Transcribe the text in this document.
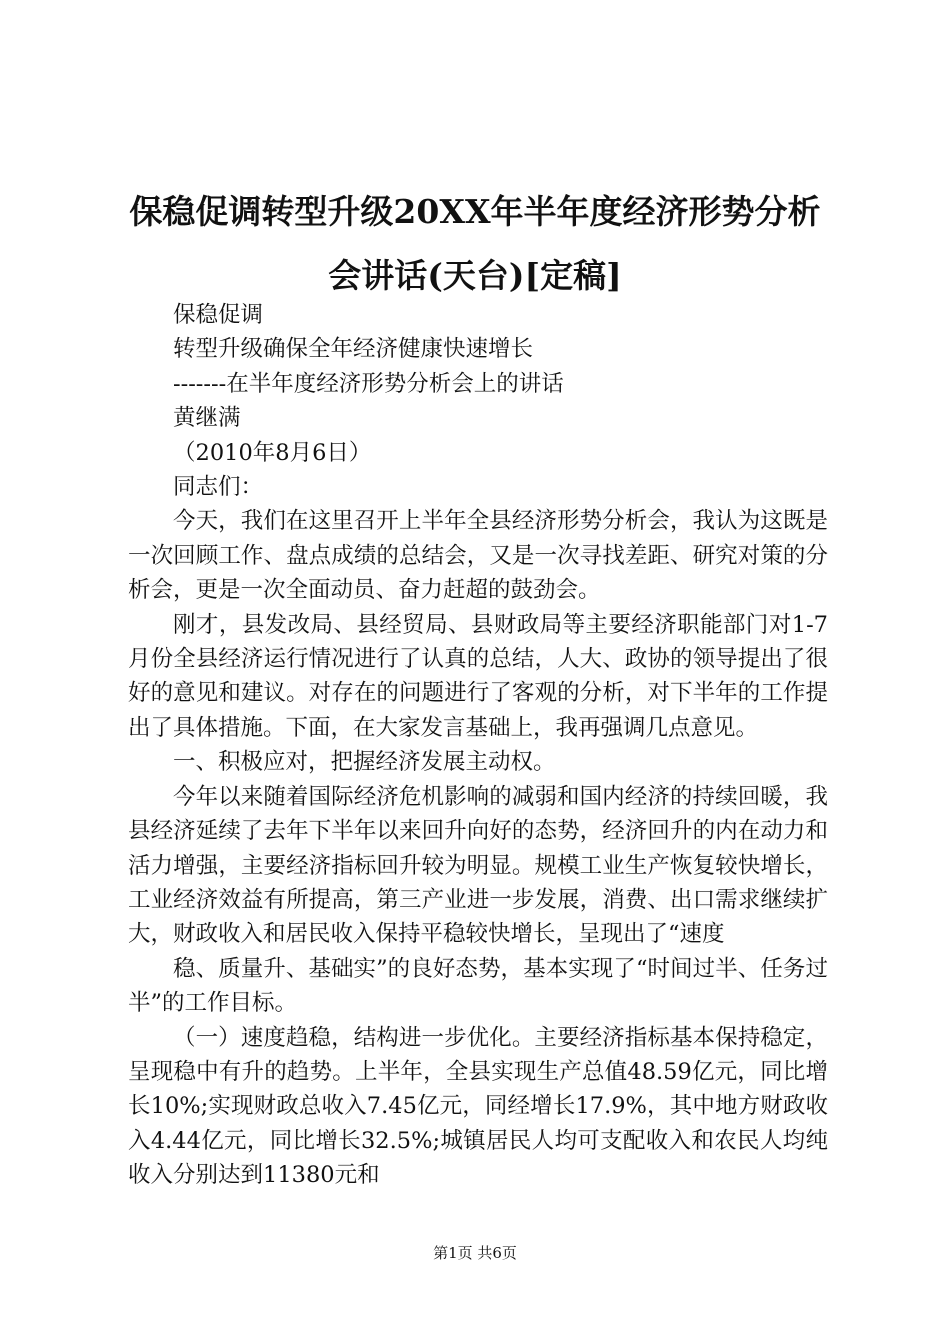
保稳促调转型升级20XX年半年度经济形势分析会讲话(天台)[定稿]

保稳促调

转型升级确保全年经济健康快速增长

-------在半年度经济形势分析会上的讲话

黄继满

（2010年8月6日）

同志们：

今天，我们在这里召开上半年全县经济形势分析会，我认为这既是一次回顾工作、盘点成绩的总结会，又是一次寻找差距、研究对策的分析会，更是一次全面动员、奋力赶超的鼓劲会。

刚才，县发改局、县经贸局、县财政局等主要经济职能部门对1-7月份全县经济运行情况进行了认真的总结，人大、政协的领导提出了很好的意见和建议。对存在的问题进行了客观的分析，对下半年的工作提出了具体措施。下面，在大家发言基础上，我再强调几点意见。

一、积极应对，把握经济发展主动权。

今年以来随着国际经济危机影响的减弱和国内经济的持续回暖，我县经济延续了去年下半年以来回升向好的态势，经济回升的内在动力和活力增强，主要经济指标回升较为明显。规模工业生产恢复较快增长，工业经济效益有所提高，第三产业进一步发展，消费、出口需求继续扩大，财政收入和居民收入保持平稳较快增长，呈现出了“速度

稳、质量升、基础实”的良好态势，基本实现了“时间过半、任务过半”的工作目标。

（一）速度趋稳，结构进一步优化。主要经济指标基本保持稳定，呈现稳中有升的趋势。上半年，全县实现生产总值48.59亿元，同比增长10%;实现财政总收入7.45亿元，同经增长17.9%，其中地方财政收入4.44亿元，同比增长32.5%;城镇居民人均可支配收入和农民人均纯收入分别达到11380元和

第1页 共6页
